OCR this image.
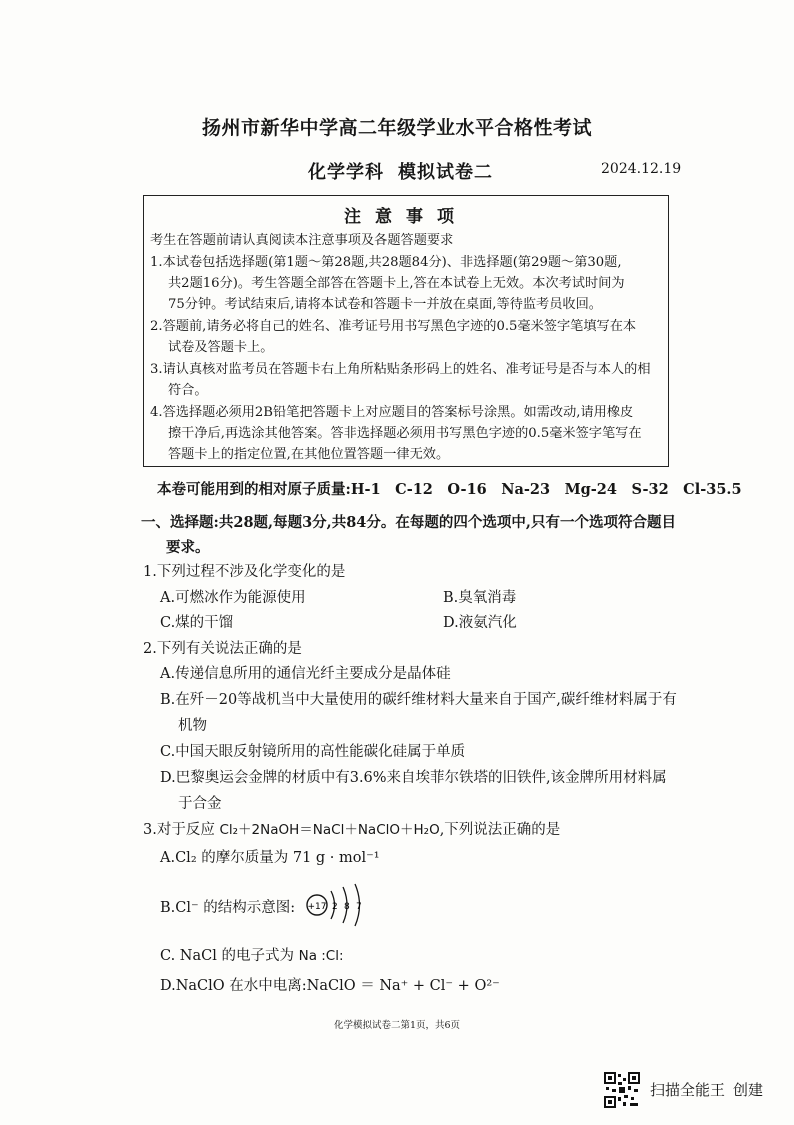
扬州市新华中学高二年级学业水平合格性考试
化学学科 模拟试卷二	2024.12.19
注意事项
考生在答题前请认真阅读本注意事项及各题答题要求
1.本试卷包括选择题(第1题～第28题,共28题84分)、非选择题(第29题～第30题,
共2题16分)。考生答题全部答在答题卡上,答在本试卷上无效。本次考试时间为
75分钟。考试结束后,请将本试卷和答题卡一并放在桌面,等待监考员收回。
2.答题前,请务必将自己的姓名、准考证号用书写黑色字迹的0.5毫米签字笔填写在本
试卷及答题卡上。
3.请认真核对监考员在答题卡右上角所粘贴条形码上的姓名、准考证号是否与本人的相
符合。
4.答选择题必须用2B铅笔把答题卡上对应题目的答案标号涂黑。如需改动,请用橡皮
擦干净后,再选涂其他答案。答非选择题必须用书写黑色字迹的0.5毫米签字笔写在
答题卡上的指定位置,在其他位置答题一律无效。
本卷可能用到的相对原子质量:H-1　C-12　O-16　Na-23　Mg-24　S-32　Cl-35.5
一、选择题:共28题,每题3分,共84分。在每题的四个选项中,只有一个选项符合题目
要求。
1.下列过程不涉及化学变化的是
A.可燃冰作为能源使用	B.臭氧消毒
C.煤的干馏	D.液氨汽化
2.下列有关说法正确的是
A.传递信息所用的通信光纤主要成分是晶体硅
B.在歼－20等战机当中大量使用的碳纤维材料大量来自于国产,碳纤维材料属于有
机物
C.中国天眼反射镜所用的高性能碳化硅属于单质
D.巴黎奥运会金牌的材质中有3.6%来自埃菲尔铁塔的旧铁件,该金牌所用材料属
于合金
3.对于反应 Cl₂＋2NaOH＝NaCl＋NaClO＋H₂O,下列说法正确的是
A.Cl₂ 的摩尔质量为 71 g · mol⁻¹
B.Cl⁻ 的结构示意图: +17 2 8 7
C. NaCl 的电子式为 Na :Cl:
D.NaClO 在水中电离:NaClO ＝ Na⁺ + Cl⁻ + O²⁻
化学模拟试卷二第1页，共6页
扫描全能王 创建
